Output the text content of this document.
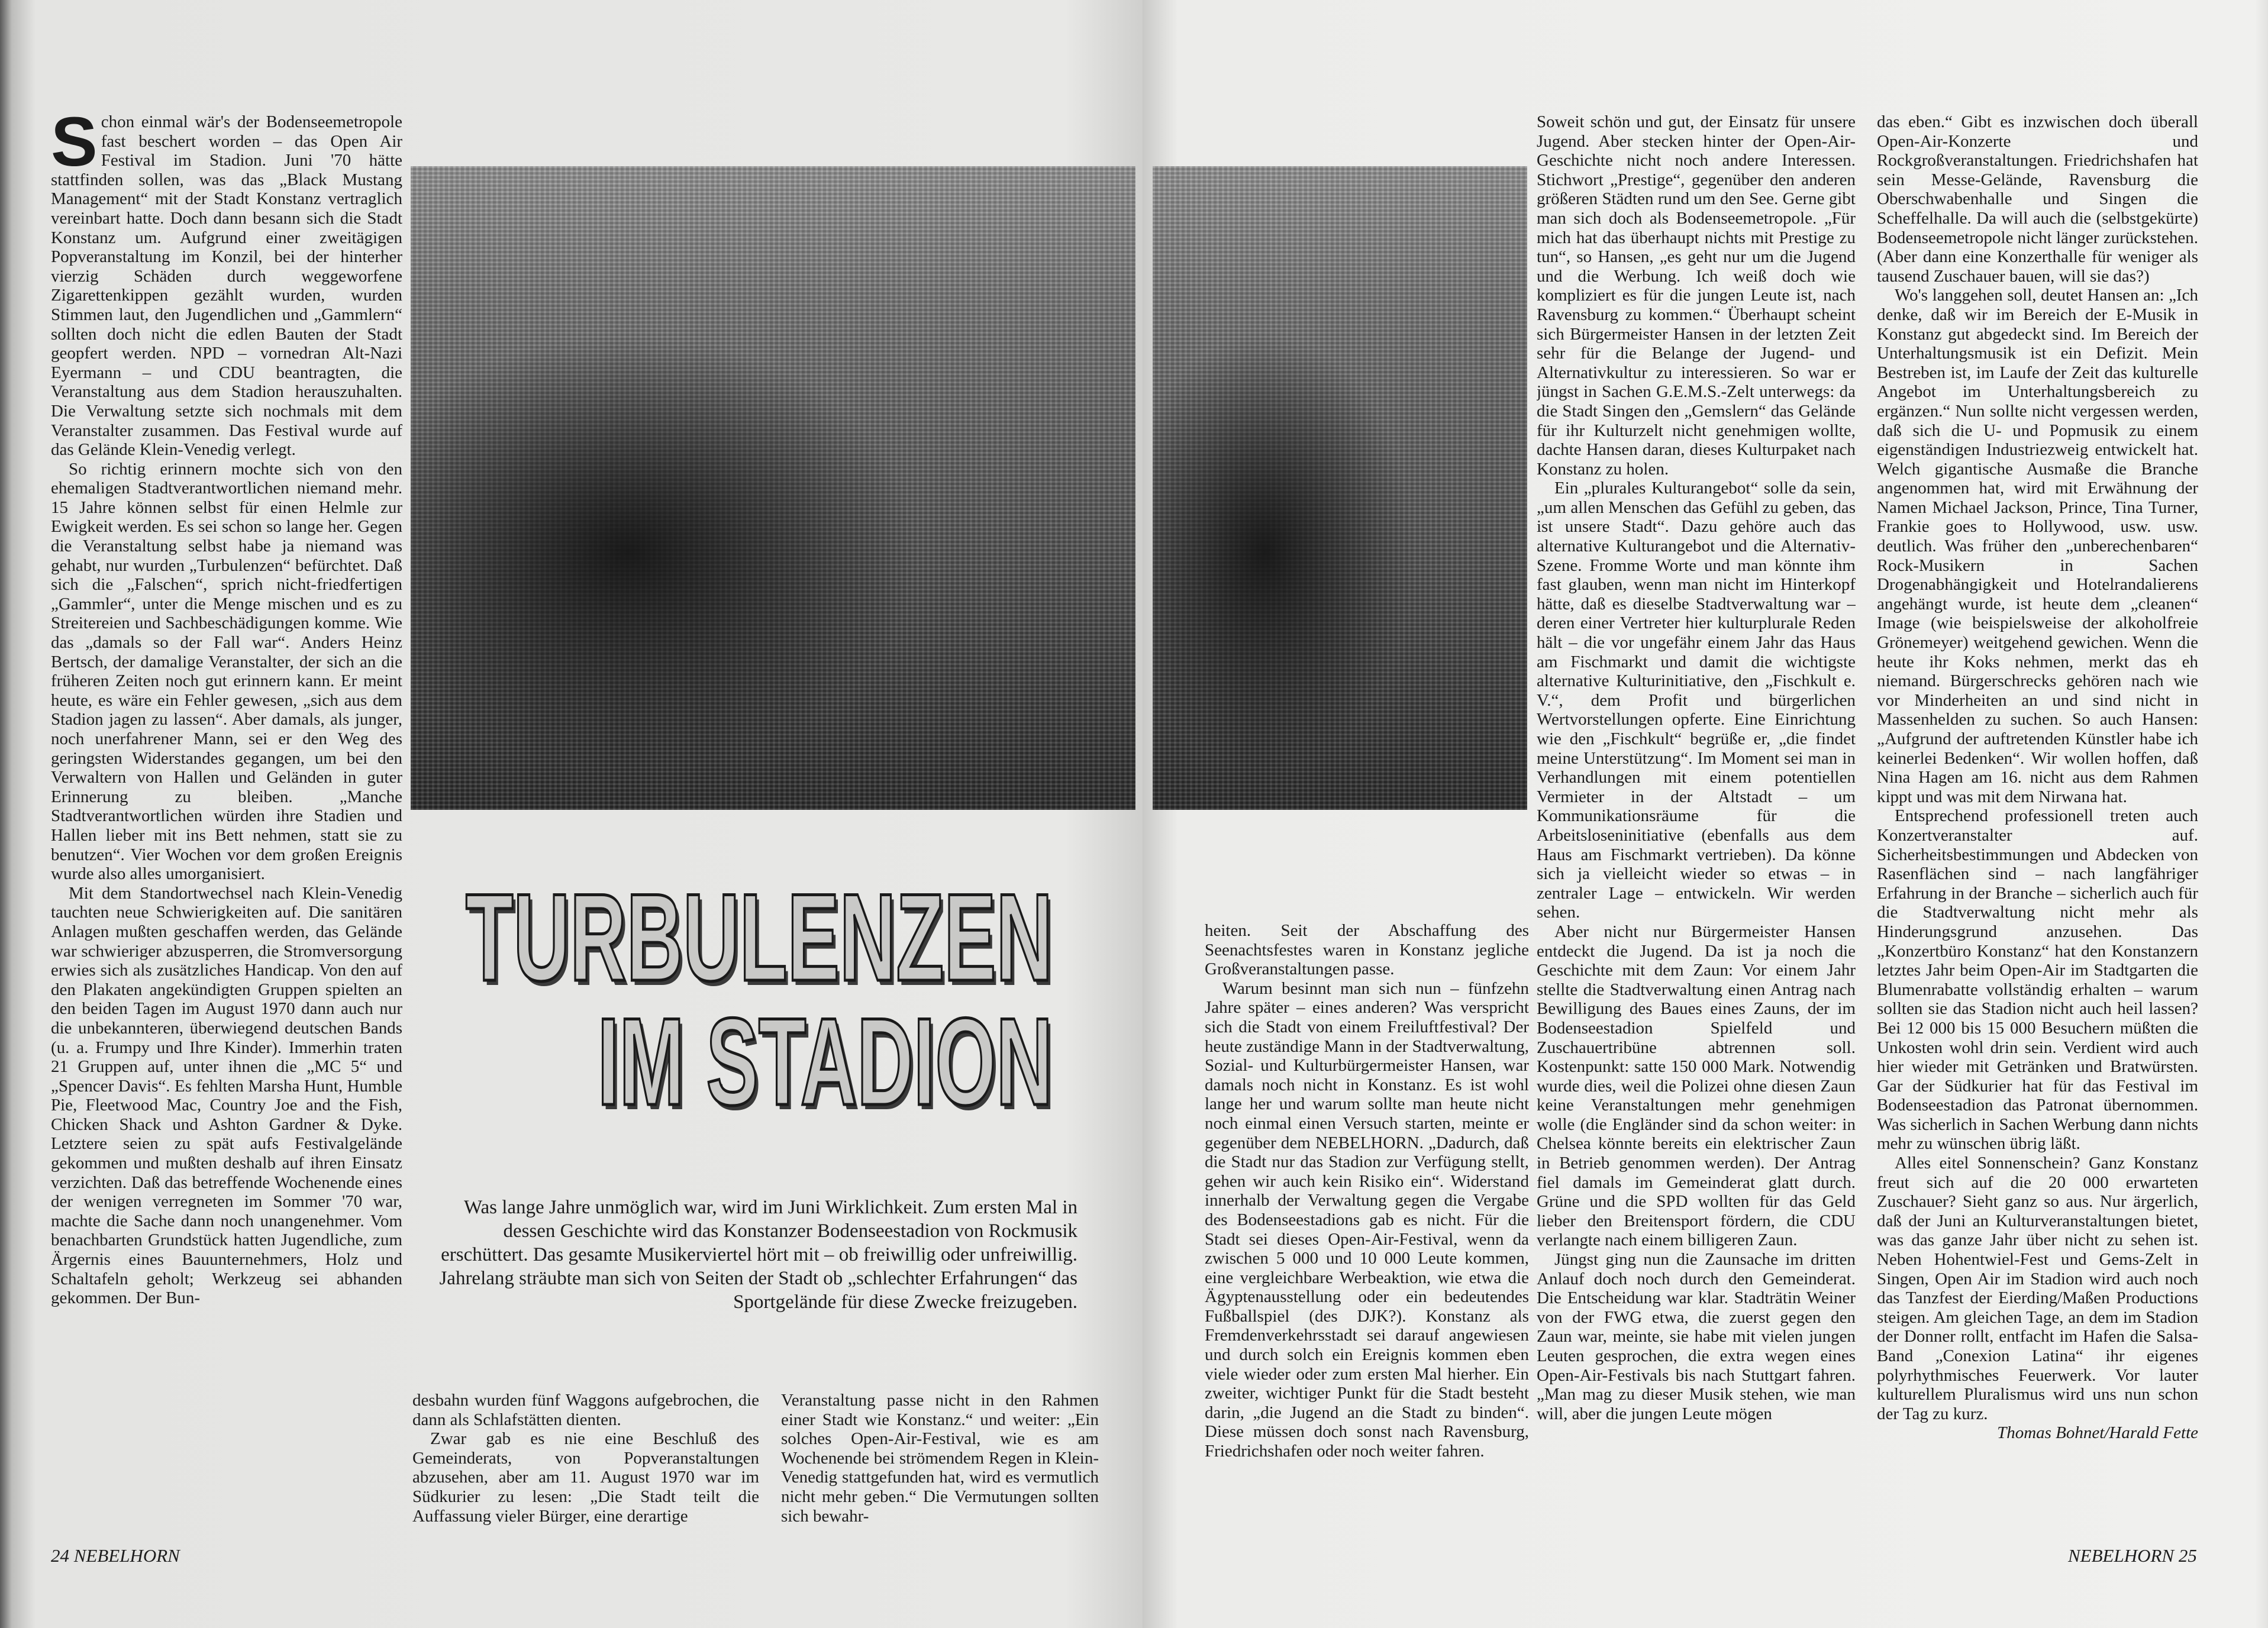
Schon einmal wär's der Bodenseemetropole fast beschert worden – das Open Air Festival im Stadion. Juni '70 hätte stattfinden sollen, was das „Black Mustang Management“ mit der Stadt Konstanz vertraglich vereinbart hatte. Doch dann besann sich die Stadt Konstanz um. Aufgrund einer zweitägigen Popveranstaltung im Konzil, bei der hinterher vierzig Schäden durch weggeworfene Zigarettenkippen gezählt wurden, wurden Stimmen laut, den Jugendlichen und „Gammlern“ sollten doch nicht die edlen Bauten der Stadt geopfert werden. NPD – vornedran Alt-Nazi Eyermann – und CDU beantragten, die Veranstaltung aus dem Stadion herauszuhalten. Die Verwaltung setzte sich nochmals mit dem Veranstalter zusammen. Das Festival wurde auf das Gelände Klein-Venedig verlegt.

So richtig erinnern mochte sich von den ehemaligen Stadtverantwortlichen niemand mehr. 15 Jahre können selbst für einen Helmle zur Ewigkeit werden. Es sei schon so lange her. Gegen die Veranstaltung selbst habe ja niemand was gehabt, nur wurden „Turbulenzen“ befürchtet. Daß sich die „Falschen“, sprich nicht-friedfertigen „Gammler“, unter die Menge mischen und es zu Streitereien und Sachbeschädigungen komme. Wie das „damals so der Fall war“. Anders Heinz Bertsch, der damalige Veranstalter, der sich an die früheren Zeiten noch gut erinnern kann. Er meint heute, es wäre ein Fehler gewesen, „sich aus dem Stadion jagen zu lassen“. Aber damals, als junger, noch unerfahrener Mann, sei er den Weg des geringsten Widerstandes gegangen, um bei den Verwaltern von Hallen und Geländen in guter Erinnerung zu bleiben. „Manche Stadtverantwortlichen würden ihre Stadien und Hallen lieber mit ins Bett nehmen, statt sie zu benutzen“. Vier Wochen vor dem großen Ereignis wurde also alles umorganisiert.

Mit dem Standortwechsel nach Klein-Venedig tauchten neue Schwierigkeiten auf. Die sanitären Anlagen mußten geschaffen werden, das Gelände war schwieriger abzusperren, die Stromversorgung erwies sich als zusätzliches Handicap. Von den auf den Plakaten angekündigten Gruppen spielten an den beiden Tagen im August 1970 dann auch nur die unbekannteren, überwiegend deutschen Bands (u. a. Frumpy und Ihre Kinder). Immerhin traten 21 Gruppen auf, unter ihnen die „MC 5“ und „Spencer Davis“. Es fehlten Marsha Hunt, Humble Pie, Fleetwood Mac, Country Joe and the Fish, Chicken Shack und Ashton Gardner & Dyke. Letztere seien zu spät aufs Festivalgelände gekommen und mußten deshalb auf ihren Einsatz verzichten. Daß das betreffende Wochenende eines der wenigen verregneten im Sommer '70 war, machte die Sache dann noch unangenehmer. Vom benachbarten Grundstück hatten Jugendliche, zum Ärgernis eines Bauunternehmers, Holz und Schaltafeln geholt; Werkzeug sei abhanden gekommen. Der Bun-

TURBULENZEN
IM STADION
Was lange Jahre unmöglich war, wird im Juni Wirklichkeit. Zum ersten Mal in dessen Geschichte wird das Konstanzer Bodenseestadion von Rockmusik erschüttert. Das gesamte Musikerviertel hört mit – ob freiwillig oder unfreiwillig. Jahrelang sträubte man sich von Seiten der Stadt ob „schlechter Erfahrungen“ das Sportgelände für diese Zwecke freizugeben.

desbahn wurden fünf Waggons aufgebrochen, die dann als Schlafstätten dienten.

Zwar gab es nie eine Beschluß des Gemeinderats, von Popveranstaltungen abzusehen, aber am 11. August 1970 war im Südkurier zu lesen: „Die Stadt teilt die Auffassung vieler Bürger, eine derartige

Veranstaltung passe nicht in den Rahmen einer Stadt wie Konstanz.“ und weiter: „Ein solches Open-Air-Festival, wie es am Wochenende bei strömendem Regen in Klein-Venedig stattgefunden hat, wird es vermutlich nicht mehr geben.“ Die Vermutungen sollten sich bewahr-

heiten. Seit der Abschaffung des Seenachtsfestes waren in Konstanz jegliche Großveranstaltungen passe.

Warum besinnt man sich nun – fünfzehn Jahre später – eines anderen? Was verspricht sich die Stadt von einem Freiluftfestival? Der heute zuständige Mann in der Stadtverwaltung, Sozial- und Kulturbürgermeister Hansen, war damals noch nicht in Konstanz. Es ist wohl lange her und warum sollte man heute nicht noch einmal einen Versuch starten, meinte er gegenüber dem NEBELHORN. „Dadurch, daß die Stadt nur das Stadion zur Verfügung stellt, gehen wir auch kein Risiko ein“. Widerstand innerhalb der Verwaltung gegen die Vergabe des Bodenseestadions gab es nicht. Für die Stadt sei dieses Open-Air-Festival, wenn da zwischen 5 000 und 10 000 Leute kommen, eine vergleichbare Werbeaktion, wie etwa die Ägyptenausstellung oder ein bedeutendes Fußballspiel (des DJK?). Konstanz als Fremdenverkehrsstadt sei darauf angewiesen und durch solch ein Ereignis kommen eben viele wieder oder zum ersten Mal hierher. Ein zweiter, wichtiger Punkt für die Stadt besteht darin, „die Jugend an die Stadt zu binden“. Diese müssen doch sonst nach Ravensburg, Friedrichshafen oder noch weiter fahren.

Soweit schön und gut, der Einsatz für unsere Jugend. Aber stecken hinter der Open-Air-Geschichte nicht noch andere Interessen. Stichwort „Prestige“, gegenüber den anderen größeren Städten rund um den See. Gerne gibt man sich doch als Bodenseemetropole. „Für mich hat das überhaupt nichts mit Prestige zu tun“, so Hansen, „es geht nur um die Jugend und die Werbung. Ich weiß doch wie kompliziert es für die jungen Leute ist, nach Ravensburg zu kommen.“ Überhaupt scheint sich Bürgermeister Hansen in der letzten Zeit sehr für die Belange der Jugend- und Alternativkultur zu interessieren. So war er jüngst in Sachen G.E.M.S.-Zelt unterwegs: da die Stadt Singen den „Gemslern“ das Gelände für ihr Kulturzelt nicht genehmigen wollte, dachte Hansen daran, dieses Kulturpaket nach Konstanz zu holen.

Ein „plurales Kulturangebot“ solle da sein, „um allen Menschen das Gefühl zu geben, das ist unsere Stadt“. Dazu gehöre auch das alternative Kulturangebot und die Alternativ-Szene. Fromme Worte und man könnte ihm fast glauben, wenn man nicht im Hinterkopf hätte, daß es dieselbe Stadtverwaltung war – deren einer Vertreter hier kulturplurale Reden hält – die vor ungefähr einem Jahr das Haus am Fischmarkt und damit die wichtigste alternative Kulturinitiative, den „Fischkult e. V.“, dem Profit und bürgerlichen Wertvorstellungen opferte. Eine Einrichtung wie den „Fischkult“ begrüße er, „die findet meine Unterstützung“. Im Moment sei man in Verhandlungen mit einem potentiellen Vermieter in der Altstadt – um Kommunikationsräume für die Arbeitsloseninitiative (ebenfalls aus dem Haus am Fischmarkt vertrieben). Da könne sich ja vielleicht wieder so etwas – in zentraler Lage – entwickeln. Wir werden sehen.

Aber nicht nur Bürgermeister Hansen entdeckt die Jugend. Da ist ja noch die Geschichte mit dem Zaun: Vor einem Jahr stellte die Stadtverwaltung einen Antrag nach Bewilligung des Baues eines Zauns, der im Bodenseestadion Spielfeld und Zuschauertribüne abtrennen soll. Kostenpunkt: satte 150 000 Mark. Notwendig wurde dies, weil die Polizei ohne diesen Zaun keine Veranstaltungen mehr genehmigen wolle (die Engländer sind da schon weiter: in Chelsea könnte bereits ein elektrischer Zaun in Betrieb genommen werden). Der Antrag fiel damals im Gemeinderat glatt durch. Grüne und die SPD wollten für das Geld lieber den Breitensport fördern, die CDU verlangte nach einem billigeren Zaun.

Jüngst ging nun die Zaunsache im dritten Anlauf doch noch durch den Gemeinderat. Die Entscheidung war klar. Stadträtin Weiner von der FWG etwa, die zuerst gegen den Zaun war, meinte, sie habe mit vielen jungen Leuten gesprochen, die extra wegen eines Open-Air-Festivals bis nach Stuttgart fahren. „Man mag zu dieser Musik stehen, wie man will, aber die jungen Leute mögen

das eben.“ Gibt es inzwischen doch überall Open-Air-Konzerte und Rockgroßveranstaltungen. Friedrichshafen hat sein Messe-Gelände, Ravensburg die Oberschwabenhalle und Singen die Scheffelhalle. Da will auch die (selbstgekürte) Bodenseemetropole nicht länger zurückstehen. (Aber dann eine Konzerthalle für weniger als tausend Zuschauer bauen, will sie das?)

Wo's langgehen soll, deutet Hansen an: „Ich denke, daß wir im Bereich der E-Musik in Konstanz gut abgedeckt sind. Im Bereich der Unterhaltungsmusik ist ein Defizit. Mein Bestreben ist, im Laufe der Zeit das kulturelle Angebot im Unterhaltungsbereich zu ergänzen.“ Nun sollte nicht vergessen werden, daß sich die U- und Popmusik zu einem eigenständigen Industriezweig entwickelt hat. Welch gigantische Ausmaße die Branche angenommen hat, wird mit Erwähnung der Namen Michael Jackson, Prince, Tina Turner, Frankie goes to Hollywood, usw. usw. deutlich. Was früher den „unberechenbaren“ Rock-Musikern in Sachen Drogenabhängigkeit und Hotelrandalierens angehängt wurde, ist heute dem „cleanen“ Image (wie beispielsweise der alkoholfreie Grönemeyer) weitgehend gewichen. Wenn die heute ihr Koks nehmen, merkt das eh niemand. Bürgerschrecks gehören nach wie vor Minderheiten an und sind nicht in Massenhelden zu suchen. So auch Hansen: „Aufgrund der auftretenden Künstler habe ich keinerlei Bedenken“. Wir wollen hoffen, daß Nina Hagen am 16. nicht aus dem Rahmen kippt und was mit dem Nirwana hat.

Entsprechend professionell treten auch Konzertveranstalter auf. Sicherheitsbestimmungen und Abdecken von Rasenflächen sind – nach langfähriger Erfahrung in der Branche – sicherlich auch für die Stadtverwaltung nicht mehr als Hinderungsgrund anzusehen. Das „Konzertbüro Konstanz“ hat den Konstanzern letztes Jahr beim Open-Air im Stadtgarten die Blumenrabatte vollständig erhalten – warum sollten sie das Stadion nicht auch heil lassen? Bei 12 000 bis 15 000 Besuchern müßten die Unkosten wohl drin sein. Verdient wird auch hier wieder mit Getränken und Bratwürsten. Gar der Südkurier hat für das Festival im Bodenseestadion das Patronat übernommen. Was sicherlich in Sachen Werbung dann nichts mehr zu wünschen übrig läßt.

Alles eitel Sonnenschein? Ganz Konstanz freut sich auf die 20 000 erwarteten Zuschauer? Sieht ganz so aus. Nur ärgerlich, daß der Juni an Kulturveranstaltungen bietet, was das ganze Jahr über nicht zu sehen ist. Neben Hohentwiel-Fest und Gems-Zelt in Singen, Open Air im Stadion wird auch noch das Tanzfest der Eierding/Maßen Productions steigen. Am gleichen Tage, an dem im Stadion der Donner rollt, entfacht im Hafen die Salsa-Band „Conexion Latina“ ihr eigenes polyrhythmisches Feuerwerk. Vor lauter kulturellem Pluralismus wird uns nun schon der Tag zu kurz.

Thomas Bohnet/Harald Fette

24 NEBELHORN	NEBELHORN 25
